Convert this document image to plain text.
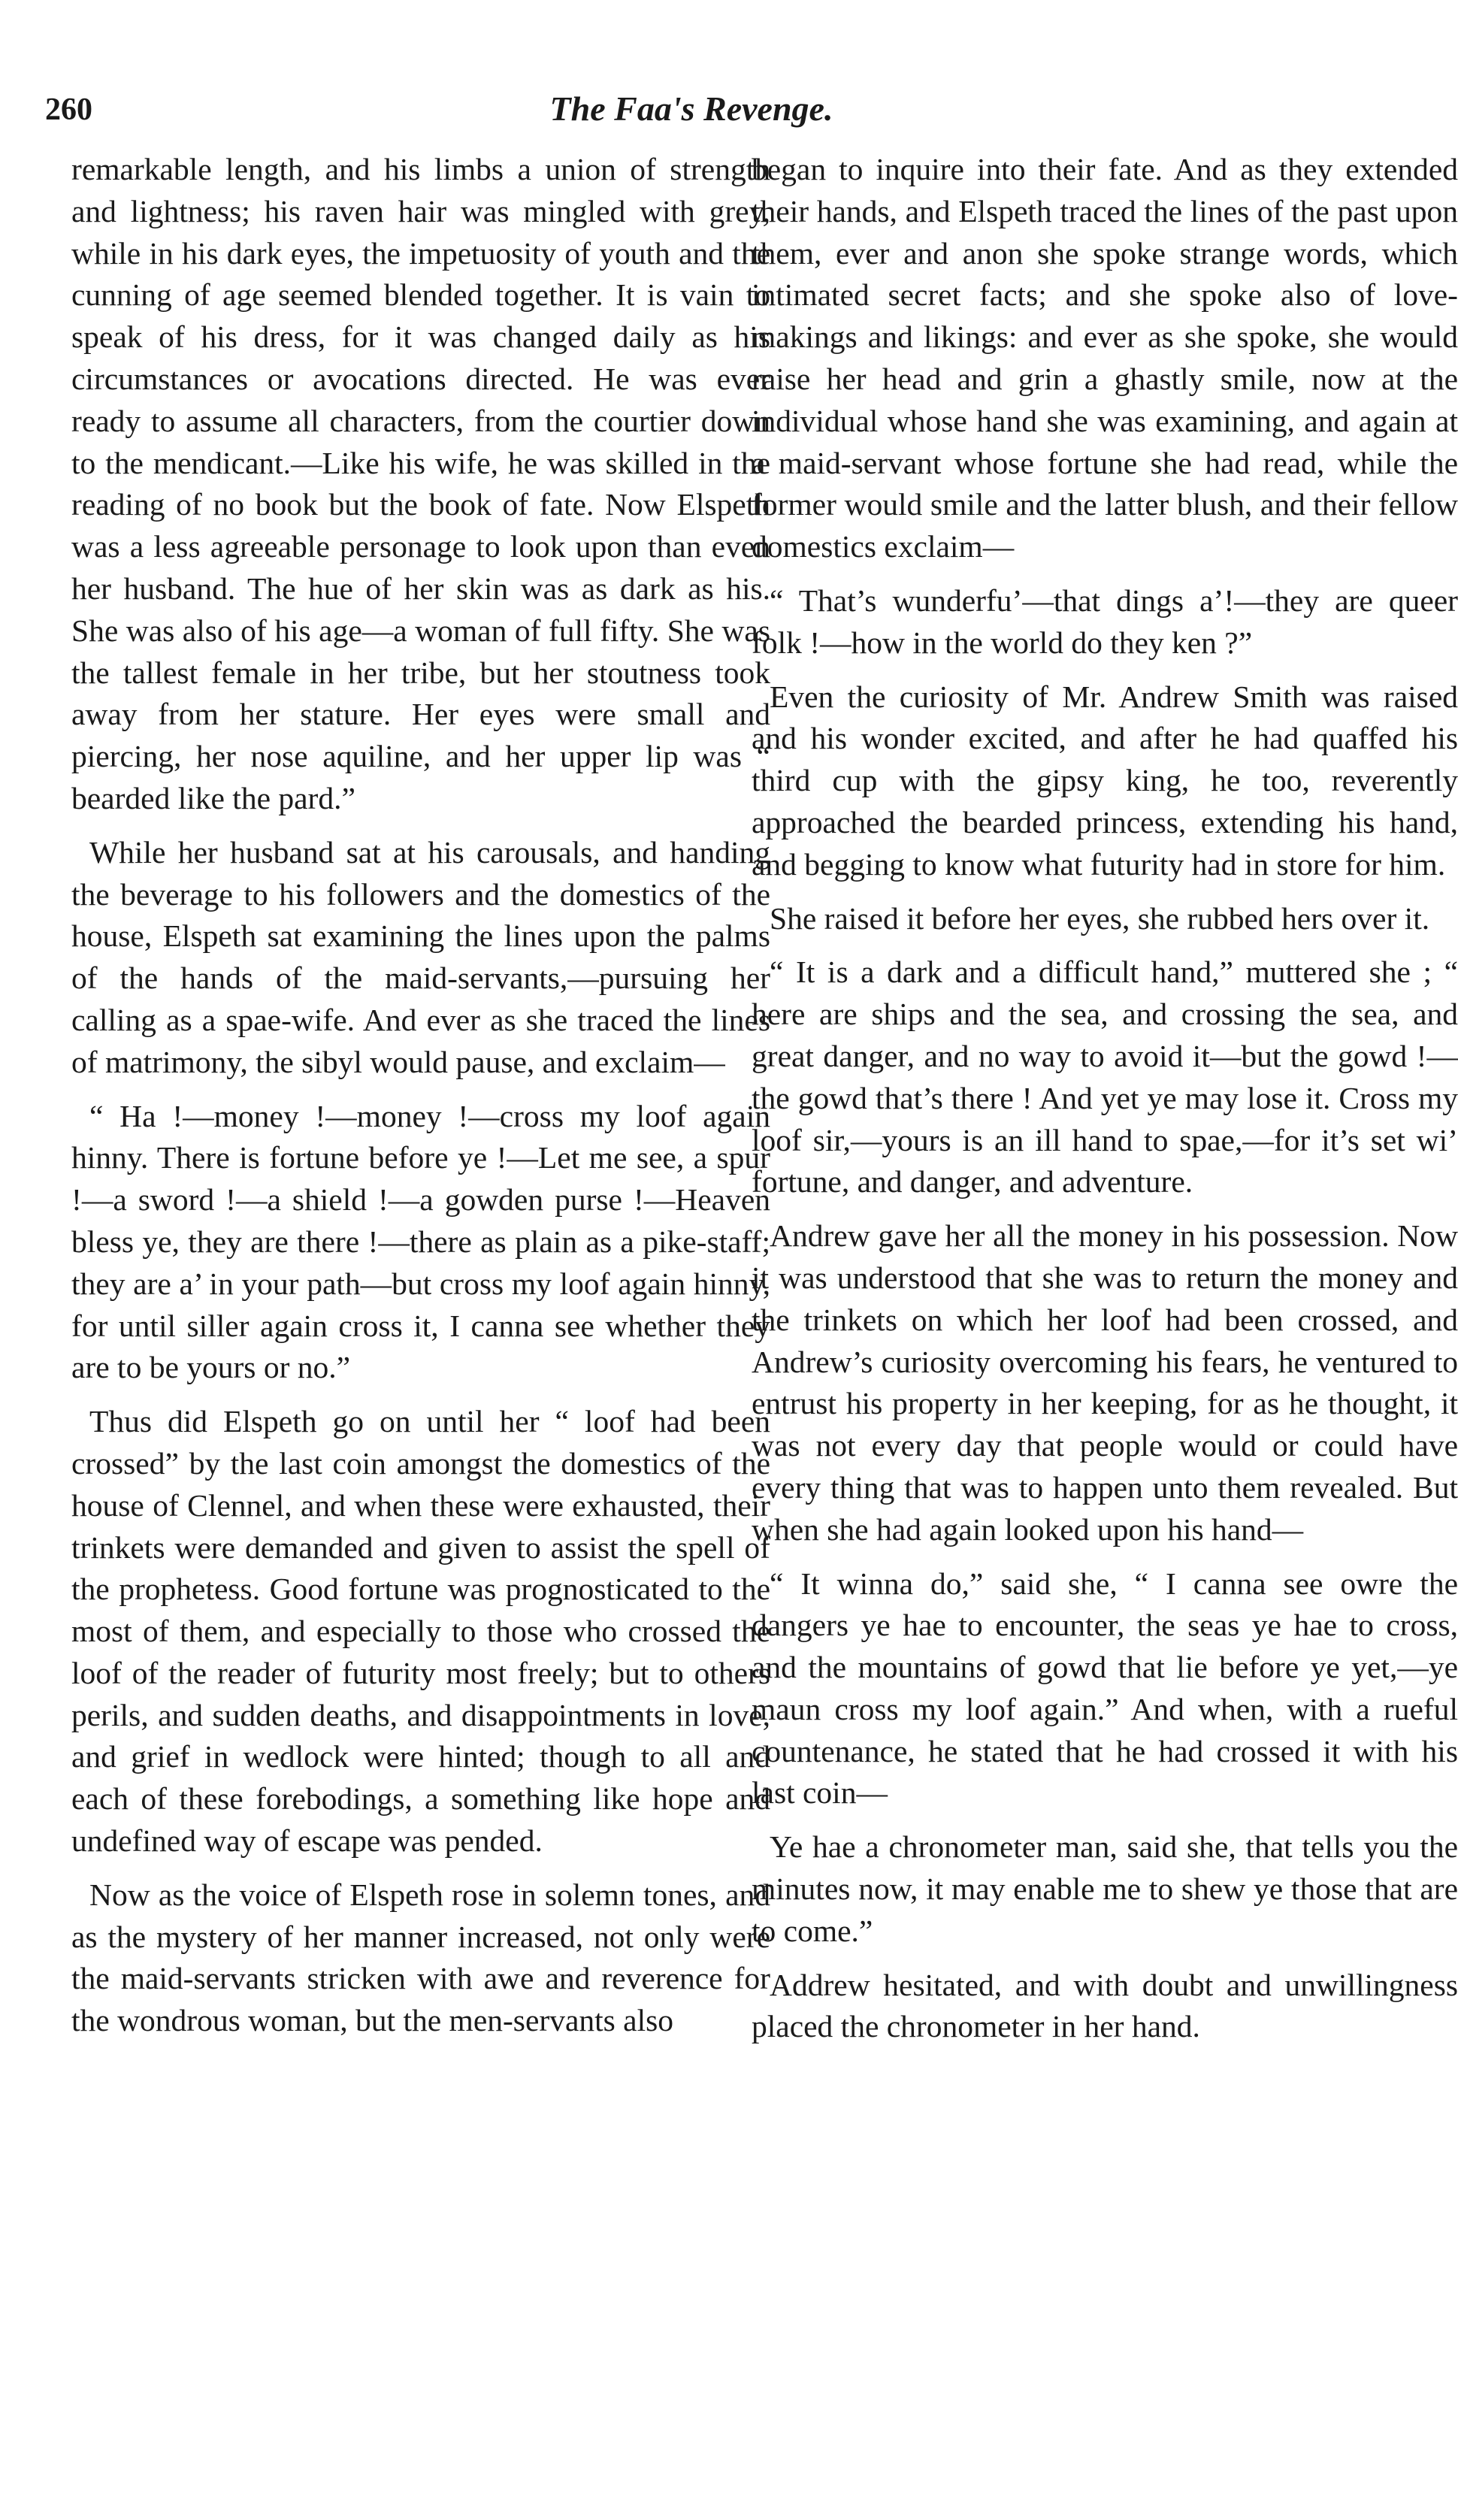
260	The Faa's Revenge.

remarkable length, and his limbs a union of strength and lightness; his raven hair was mingled with grey, while in his dark eyes, the impetuosity of youth and the cunning of age seemed blended together. It is vain to speak of his dress, for it was changed daily as his circumstances or avocations directed. He was ever ready to assume all characters, from the courtier down to the mendicant.—Like his wife, he was skilled in the reading of no book but the book of fate. Now Elspeth was a less agreeable personage to look upon than even her husband. The hue of her skin was as dark as his. She was also of his age—a woman of full fifty. She was the tallest female in her tribe, but her stoutness took away from her stature. Her eyes were small and piercing, her nose aquiline, and her upper lip was “ bearded like the pard.”

While her husband sat at his carousals, and handing the beverage to his followers and the domestics of the house, Elspeth sat examining the lines upon the palms of the hands of the maid-servants,—pursuing her calling as a spae-wife. And ever as she traced the lines of matrimony, the sibyl would pause, and exclaim—

“ Ha !—money !—money !—cross my loof again hinny. There is fortune before ye !—Let me see, a spur !—a sword !—a shield !—a gowden purse !—Heaven bless ye, they are there !—there as plain as a pike-staff; they are a’ in your path—but cross my loof again hinny, for until siller again cross it, I canna see whether they are to be yours or no.”

Thus did Elspeth go on until her “ loof had been crossed” by the last coin amongst the domestics of the house of Clennel, and when these were exhausted, their trinkets were demanded and given to assist the spell of the prophetess. Good fortune was prognosticated to the most of them, and especially to those who crossed the loof of the reader of futurity most freely; but to others perils, and sudden deaths, and disappointments in love, and grief in wedlock were hinted; though to all and each of these forebodings, a something like hope and undefined way of escape was pended.

Now as the voice of Elspeth rose in solemn tones, and as the mystery of her manner increased, not only were the maid-servants stricken with awe and reverence for the wondrous woman, but the men-servants also

began to inquire into their fate. And as they extended their hands, and Elspeth traced the lines of the past upon them, ever and anon she spoke strange words, which intimated secret facts; and she spoke also of love-makings and likings: and ever as she spoke, she would raise her head and grin a ghastly smile, now at the individual whose hand she was examining, and again at a maid-servant whose fortune she had read, while the former would smile and the latter blush, and their fellow domestics exclaim—

“ That’s wunderfu’—that dings a’!—they are queer folk !—how in the world do they ken ?”

Even the curiosity of Mr. Andrew Smith was raised and his wonder excited, and after he had quaffed his third cup with the gipsy king, he too, reverently approached the bearded princess, extending his hand, and begging to know what futurity had in store for him.

She raised it before her eyes, she rubbed hers over it.

“ It is a dark and a difficult hand,” muttered she ; “ here are ships and the sea, and crossing the sea, and great danger, and no way to avoid it—but the gowd !—the gowd that’s there ! And yet ye may lose it. Cross my loof sir,—yours is an ill hand to spae,—for it’s set wi’ fortune, and danger, and adventure.

Andrew gave her all the money in his possession. Now it was understood that she was to return the money and the trinkets on which her loof had been crossed, and Andrew’s curiosity overcoming his fears, he ventured to entrust his property in her keeping, for as he thought, it was not every day that people would or could have every thing that was to happen unto them revealed. But when she had again looked upon his hand—

“ It winna do,” said she, “ I canna see owre the dangers ye hae to encounter, the seas ye hae to cross, and the mountains of gowd that lie before ye yet,—ye maun cross my loof again.” And when, with a rueful countenance, he stated that he had crossed it with his last coin—

Ye hae a chronometer man, said she, that tells you the minutes now, it may enable me to shew ye those that are to come.”

Addrew hesitated, and with doubt and unwillingness placed the chronometer in her hand.
